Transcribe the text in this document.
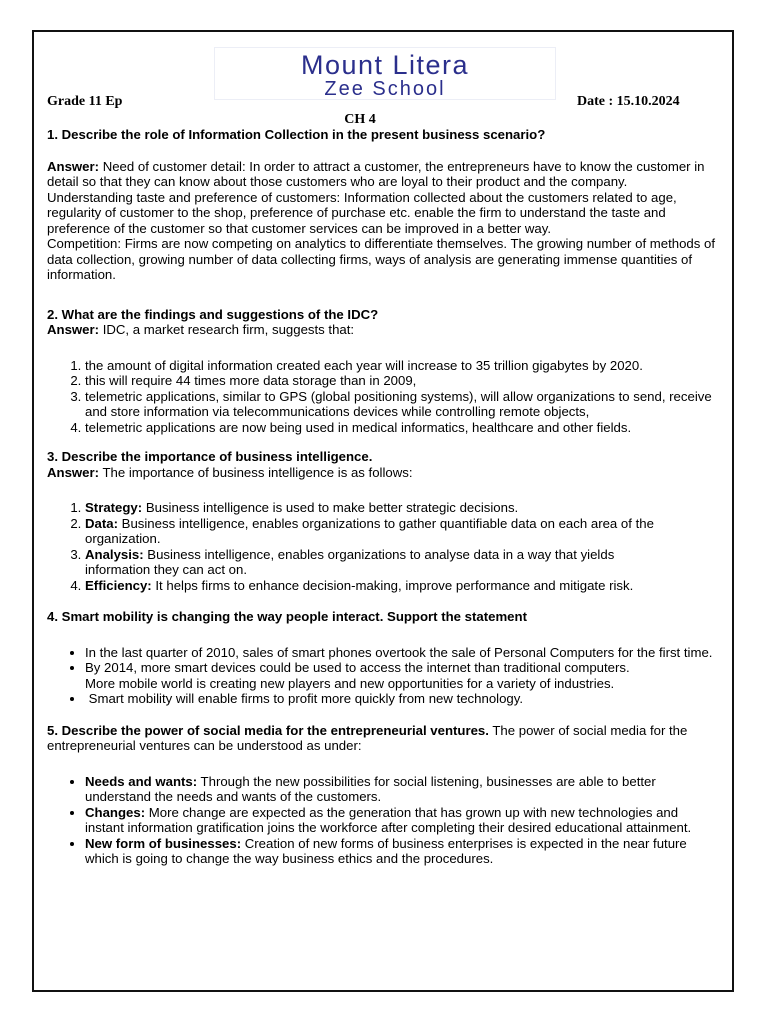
Mount Litera
Zee School
Grade 11 Ep	Date : 15.10.2024
CH 4

1. Describe the role of Information Collection in the present business scenario?

Answer: Need of customer detail: In order to attract a customer, the entrepreneurs have to know the customer in detail so that they can know about those customers who are loyal to their product and the company.

Understanding taste and preference of customers: Information collected about the customers related to age, regularity of customer to the shop, preference of purchase etc. enable the firm to understand the taste and preference of the customer so that customer services can be improved in a better way.

Competition: Firms are now competing on analytics to differentiate themselves. The growing number of methods of data collection, growing number of data collecting firms, ways of analysis are generating immense quantities of information.

2. What are the findings and suggestions of the IDC?

Answer: IDC, a market research firm, suggests that:

1. the amount of digital information created each year will increase to 35 trillion gigabytes by 2020.
2. this will require 44 times more data storage than in 2009,
3. telemetric applications, similar to GPS (global positioning systems), will allow organizations to send, receive and store information via telecommunications devices while controlling remote objects,
4. telemetric applications are now being used in medical informatics, healthcare and other fields.

3. Describe the importance of business intelligence.

Answer: The importance of business intelligence is as follows:

1. Strategy: Business intelligence is used to make better strategic decisions.
2. Data: Business intelligence, enables organizations to gather quantifiable data on each area of the organization.
3. Analysis: Business intelligence, enables organizations to analyse data in a way that yields information they can act on.
4. Efficiency: It helps firms to enhance decision-making, improve performance and mitigate risk.

4. Smart mobility is changing the way people interact. Support the statement

• In the last quarter of 2010, sales of smart phones overtook the sale of Personal Computers for the first time.
• By 2014, more smart devices could be used to access the internet than traditional computers.
More mobile world is creating new players and new opportunities for a variety of industries.
•  Smart mobility will enable firms to profit more quickly from new technology.

5. Describe the power of social media for the entrepreneurial ventures. The power of social media for the entrepreneurial ventures can be understood as under:

• Needs and wants: Through the new possibilities for social listening, businesses are able to better understand the needs and wants of the customers.
• Changes: More change are expected as the generation that has grown up with new technologies and instant information gratification joins the workforce after completing their desired educational attainment.
• New form of businesses: Creation of new forms of business enterprises is expected in the near future which is going to change the way business ethics and the procedures.
